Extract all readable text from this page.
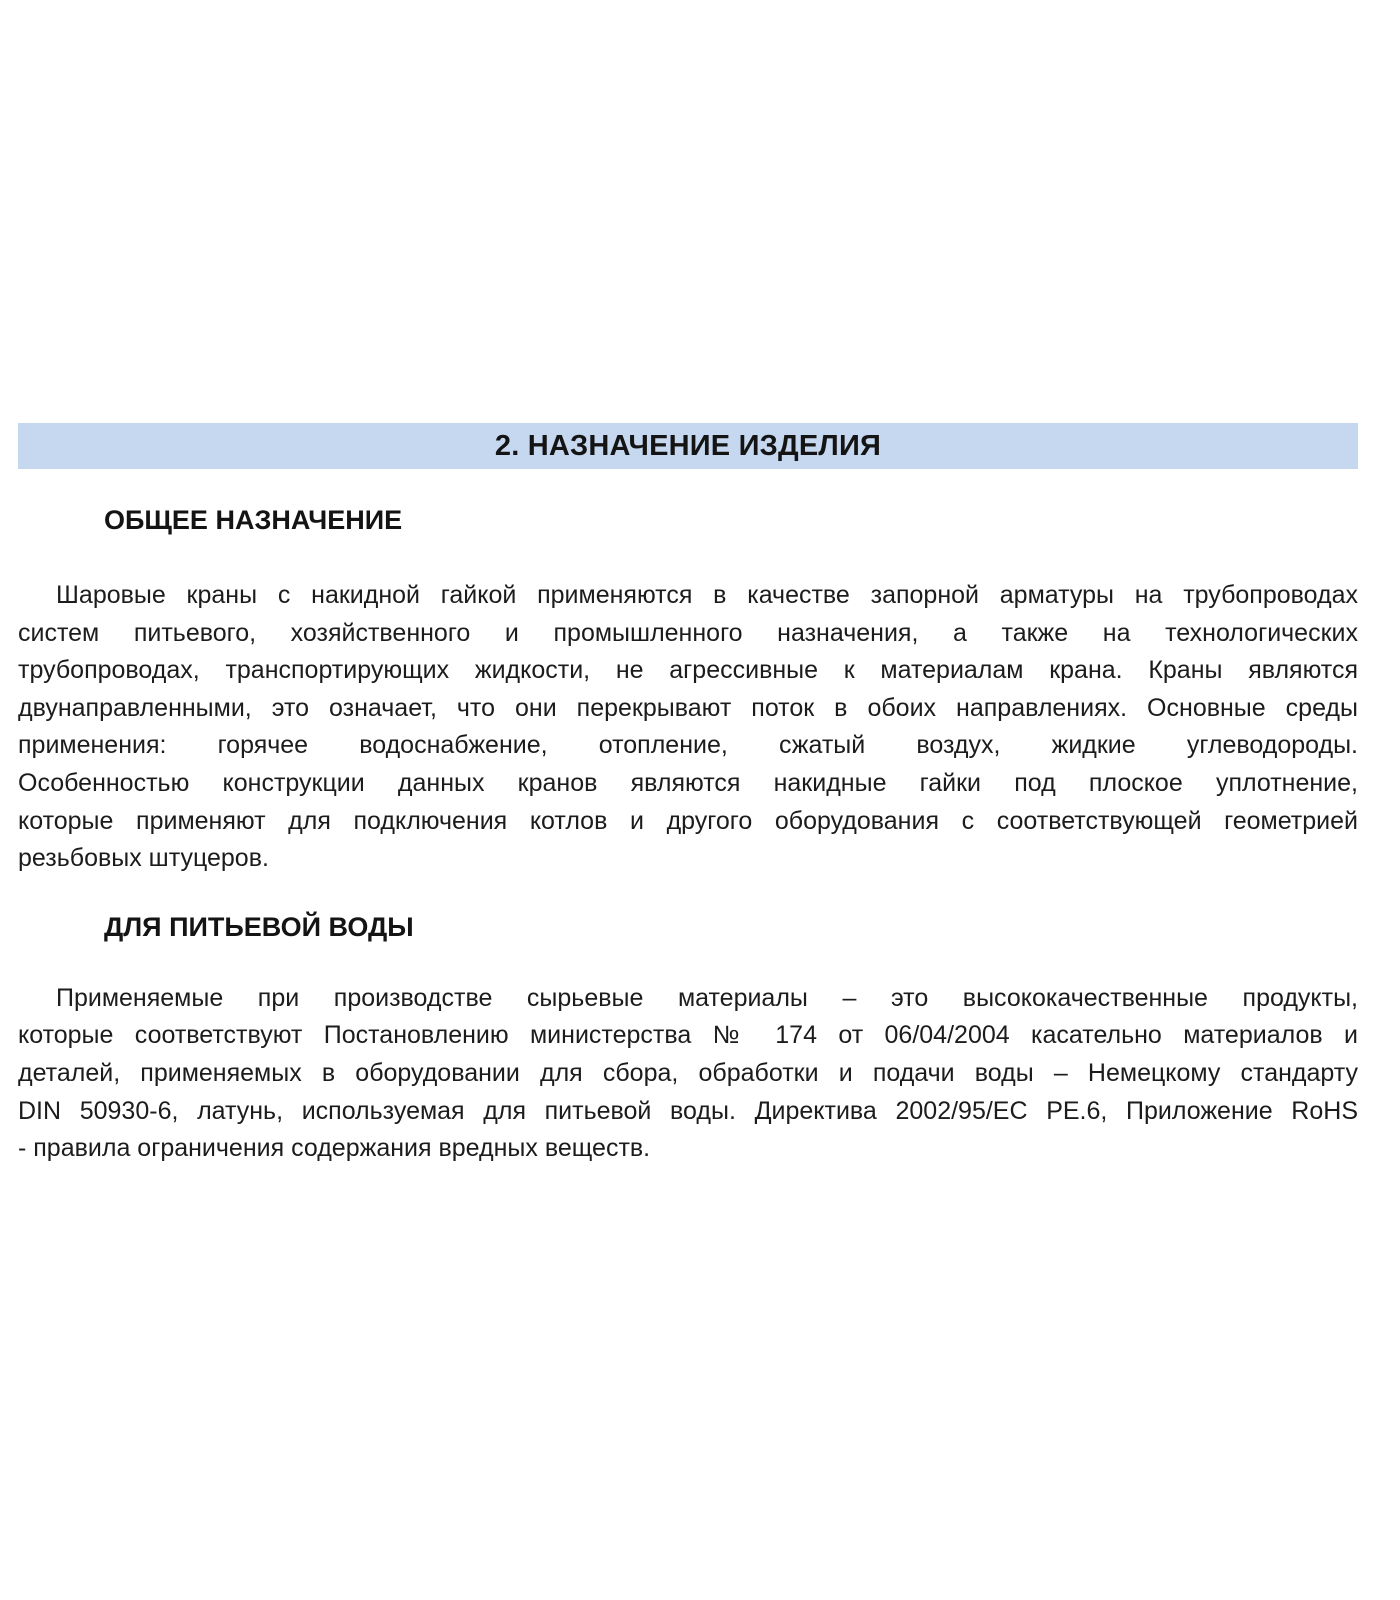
2. НАЗНАЧЕНИЕ ИЗДЕЛИЯ
ОБЩЕЕ НАЗНАЧЕНИЕ
Шаровые краны с накидной гайкой применяются в качестве запорной арматуры на трубопроводах
систем питьевого, хозяйственного и промышленного назначения, а также на технологических
трубопроводах, транспортирующих жидкости, не агрессивные к материалам крана. Краны являются
двунаправленными, это означает, что они перекрывают поток в обоих направлениях. Основные среды
применения: горячее водоснабжение, отопление, сжатый воздух, жидкие углеводороды.
Особенностью конструкции данных кранов являются накидные гайки под плоское уплотнение,
которые применяют для подключения котлов и другого оборудования с соответствующей геометрией
резьбовых штуцеров.
ДЛЯ ПИТЬЕВОЙ ВОДЫ
Применяемые при производстве сырьевые материалы – это высококачественные продукты,
которые соответствуют Постановлению министерства № 174 от 06/04/2004 касательно материалов и
деталей, применяемых в оборудовании для сбора, обработки и подачи воды – Немецкому стандарту
DIN 50930-6, латунь, используемая для питьевой воды. Директива 2002/95/EC PE.6, Приложение RoHS
- правила ограничения содержания вредных веществ.
